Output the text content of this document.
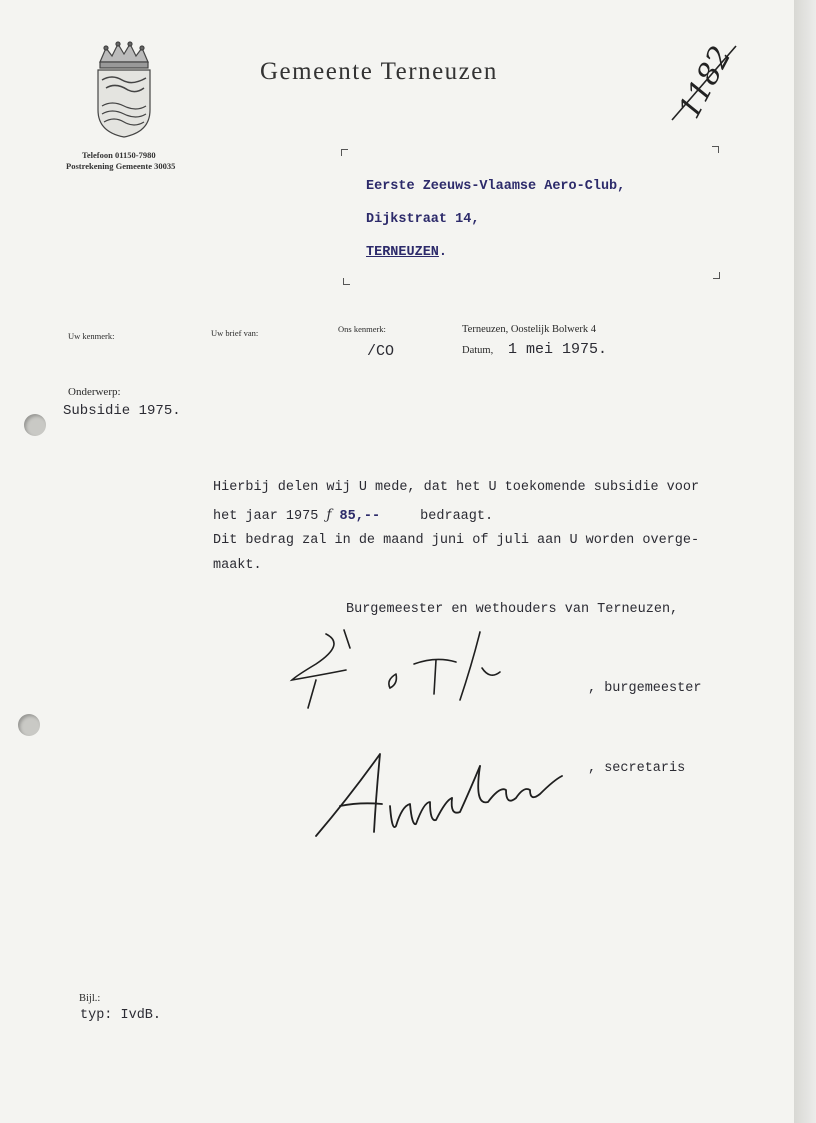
Gemeente Terneuzen
Telefoon 01150-7980
Postrekening Gemeente 30035
1182
Eerste Zeeuws-Vlaamse Aero-Club,
Dijkstraat 14,
TERNEUZEN.
Uw kenmerk:	Uw brief van:	Ons kenmerk:
/CO
Terneuzen, Oostelijk Bolwerk 4
Datum, 1 mei 1975.
Onderwerp:
Subsidie 1975.
Hierbij delen wij U mede, dat het U toekomende subsidie voor
het jaar 1975 ƒ 85,--	bedraagt.
Dit bedrag zal in de maand juni of juli aan U worden overge-
maakt.
Burgemeester en wethouders van Terneuzen,
, burgemeester
, secretaris
Bijl.:
typ: IvdB.
